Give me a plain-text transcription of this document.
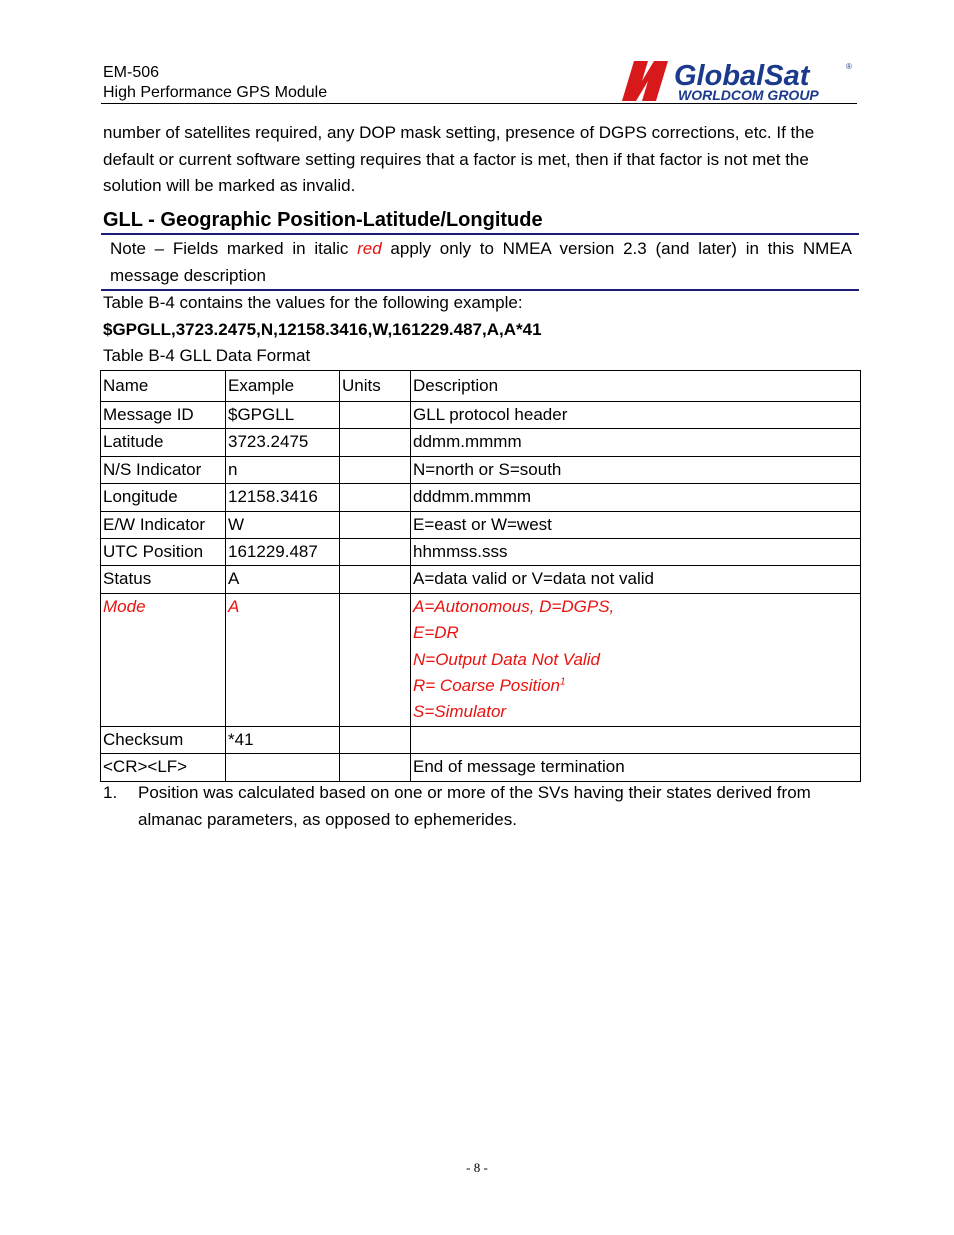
EM-506
High Performance GPS Module
GlobalSat	®
WORLDCOM GROUP
number of satellites required, any DOP mask setting, presence of DGPS corrections, etc. If the default or current software setting requires that a factor is met, then if that factor is not met the solution will be marked as invalid.
GLL - Geographic Position-Latitude/Longitude
Note – Fields marked in italic red apply only to NMEA version 2.3 (and later) in this NMEA message description
Table B-4 contains the values for the following example:
$GPGLL,3723.2475,N,12158.3416,W,161229.487,A,A*41
Table B-4 GLL Data Format
Name	Example	Units	Description
Message ID	$GPGLL		GLL protocol header
Latitude	3723.2475		ddmm.mmmm
N/S Indicator	n		N=north or S=south
Longitude	12158.3416		dddmm.mmmm
E/W Indicator	W		E=east or W=west
UTC Position	161229.487		hhmmss.sss
Status	A		A=data valid or V=data not valid
Mode	A		A=Autonomous, D=DGPS,
E=DR
N=Output Data Not Valid
R= Coarse Position$^1$
S=Simulator

Checksum	*41		
<CR><LF>			End of message termination
1. Position was calculated based on one or more of the SVs having their states derived from almanac parameters, as opposed to ephemerides.
- 8 -
